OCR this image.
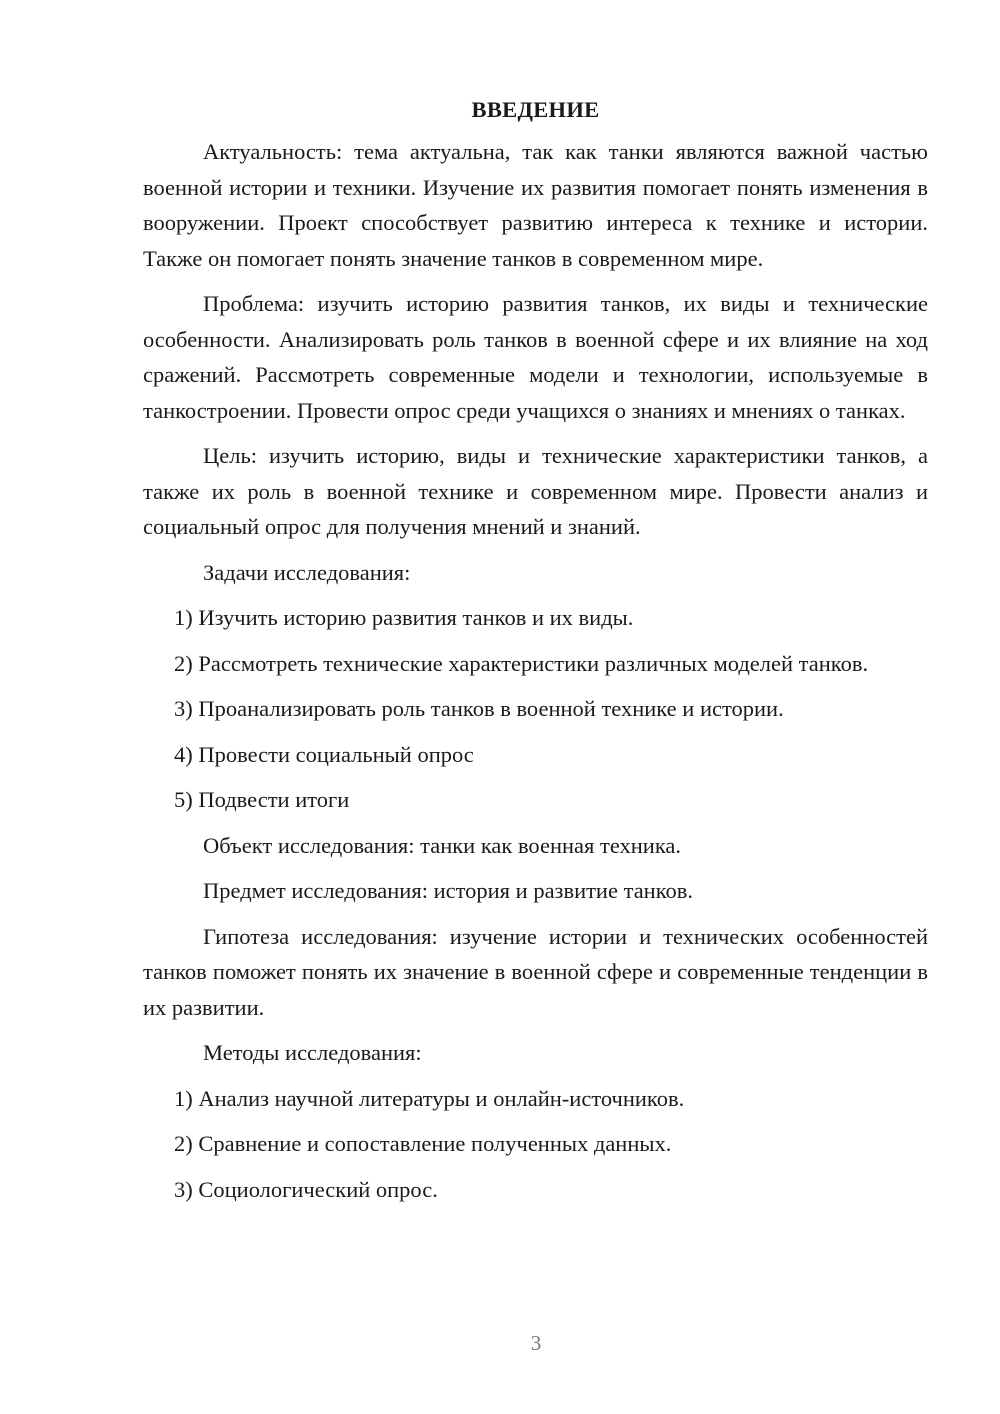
ВВЕДЕНИЕ

Актуальность: тема актуальна, так как танки являются важной частью военной истории и техники. Изучение их развития помогает понять изменения в вооружении. Проект способствует развитию интереса к технике и истории. Также он помогает понять значение танков в современном мире.

Проблема: изучить историю развития танков, их виды и технические особенности. Анализировать роль танков в военной сфере и их влияние на ход сражений. Рассмотреть современные модели и технологии, используемые в танкостроении. Провести опрос среди учащихся о знаниях и мнениях о танках.

Цель: изучить историю, виды и технические характеристики танков, а также их роль в военной технике и современном мире. Провести анализ и социальный опрос для получения мнений и знаний.

Задачи исследования:

1) Изучить историю развития танков и их виды.

2) Рассмотреть технические характеристики различных моделей танков.

3) Проанализировать роль танков в военной технике и истории.

4) Провести социальный опрос

5) Подвести итоги

Объект исследования: танки как военная техника.

Предмет исследования: история и развитие танков.

Гипотеза исследования: изучение истории и технических особенностей танков поможет понять их значение в военной сфере и современные тенденции в их развитии.

Методы исследования:

1) Анализ научной литературы и онлайн-источников.

2) Сравнение и сопоставление полученных данных.

3) Социологический опрос.

3
